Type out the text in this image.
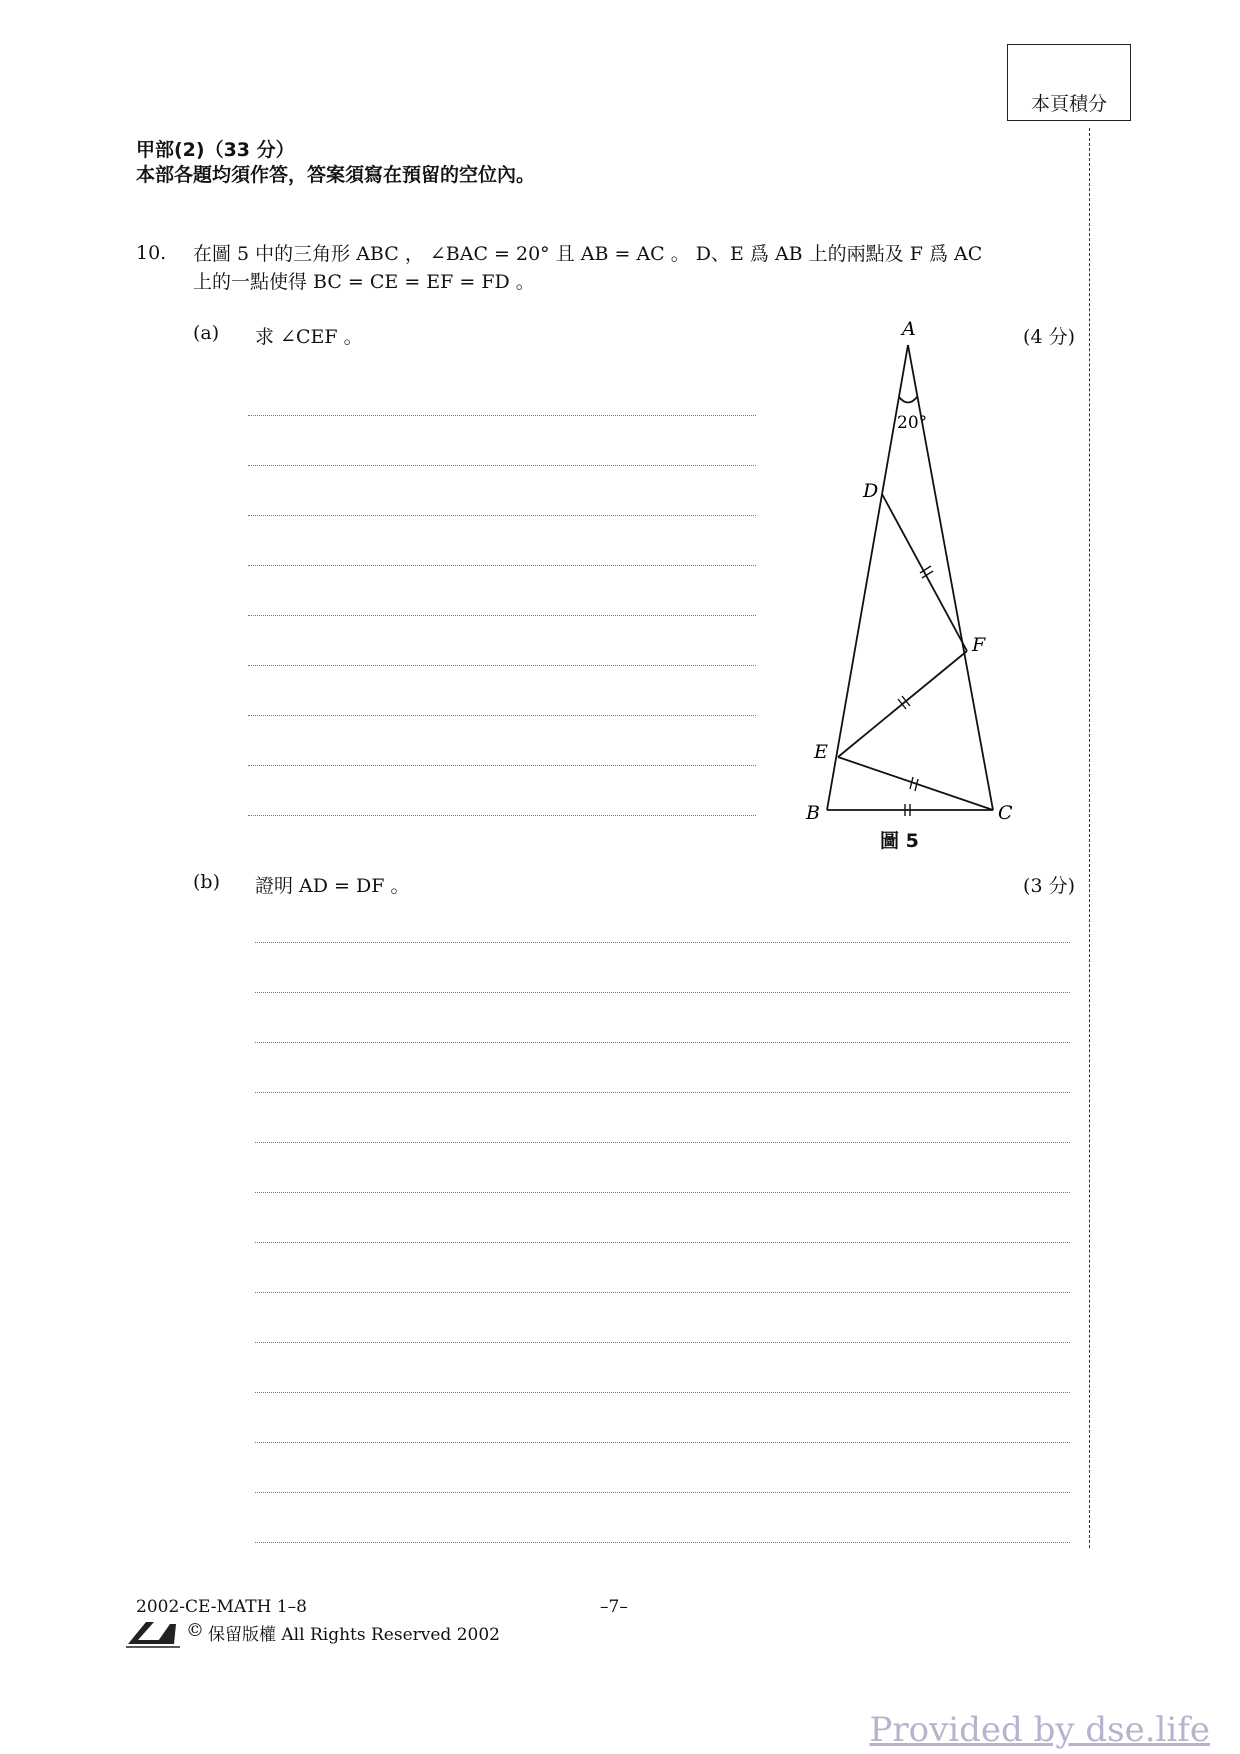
本頁積分
甲部(2)（33 分）
本部各題均須作答，答案須寫在預留的空位內。
10. 在圖 5 中的三角形 ABC ， ∠BAC = 20° 且 AB = AC 。 D、E 爲 AB 上的兩點及 F 爲 AC
上的一點使得 BC = CE = EF = FD 。
(a) 求 ∠CEF 。	(4 分)
20°
A
D
F
E
B	C
圖 5
(b) 證明 AD = DF 。	(3 分)
2002-CE-MATH 1–8	–7–
© 保留版權 All Rights Reserved 2002
Provided by dse.life
